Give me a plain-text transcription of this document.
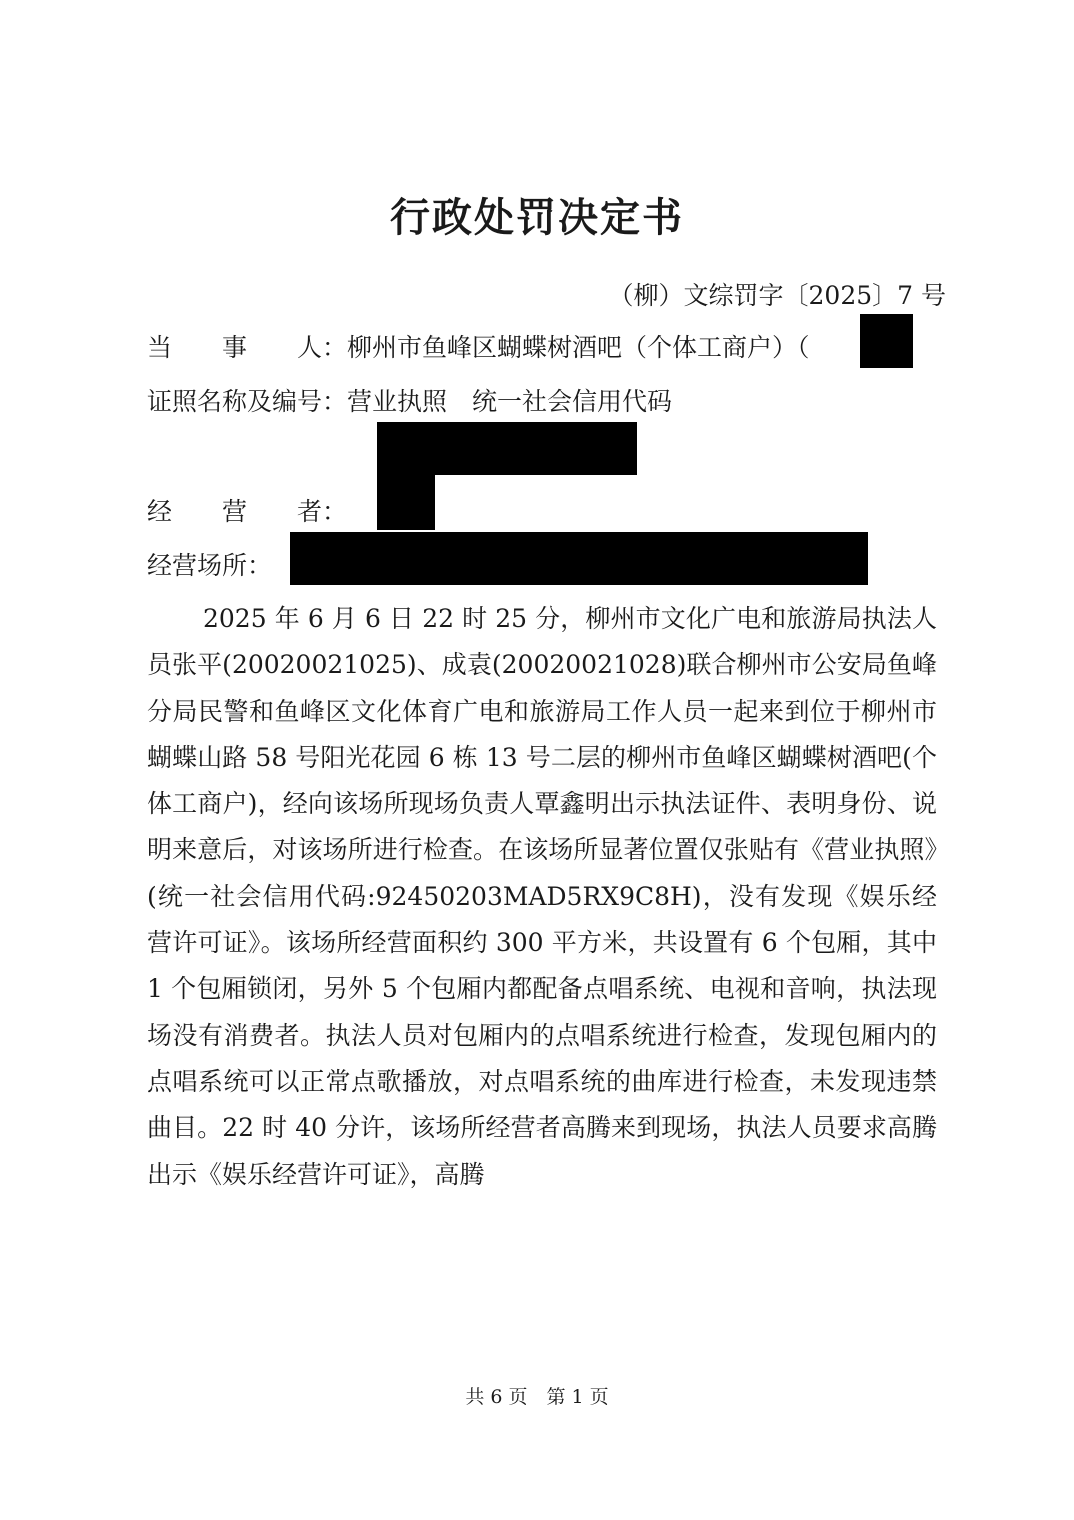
行政处罚决定书
（柳）文综罚字〔2025〕7 号
当　　事　　人：柳州市鱼峰区蝴蝶树酒吧（个体工商户）（
证照名称及编号：营业执照　统一社会信用代码
经　　营　　者：
经营场所：

2025 年 6 月 6 日 22 时 25 分，柳州市文化广电和旅游局执法人员张平(20020021025)、成袁(20020021028)联合柳州市公安局鱼峰分局民警和鱼峰区文化体育广电和旅游局工作人员一起来到位于柳州市蝴蝶山路 58 号阳光花园 6 栋 13 号二层的柳州市鱼峰区蝴蝶树酒吧(个体工商户)，经向该场所现场负责人覃鑫明出示执法证件、表明身份、说明来意后，对该场所进行检查。在该场所显著位置仅张贴有《营业执照》(统一社会信用代码:92450203MAD5RX9C8H)，没有发现《娱乐经营许可证》。该场所经营面积约 300 平方米，共设置有 6 个包厢，其中 1 个包厢锁闭，另外 5 个包厢内都配备点唱系统、电视和音响，执法现场没有消费者。执法人员对包厢内的点唱系统进行检查，发现包厢内的点唱系统可以正常点歌播放，对点唱系统的曲库进行检查，未发现违禁曲目。22 时 40 分许，该场所经营者高腾来到现场，执法人员要求高腾出示《娱乐经营许可证》，高腾

共 6 页　第 1 页
